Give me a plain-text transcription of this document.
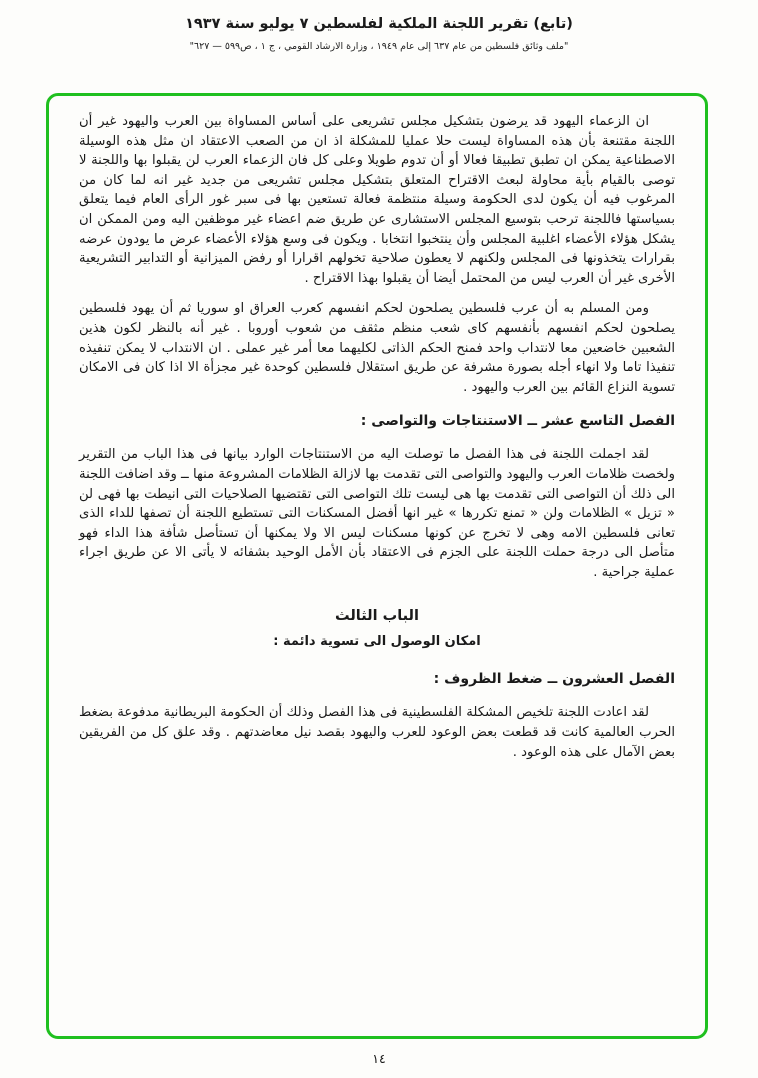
(تابع) تقرير اللجنة الملكية لفلسطين ٧ يوليو سنة ١٩٣٧
"ملف وثائق فلسطين من عام ٦٣٧ إلى عام ١٩٤٩ ، وزارة الارشاد القومي ، ج ١ ، ص٥٩٩ — ٦٢٧"

ان الزعماء اليهود قد يرضون بتشكيل مجلس تشريعى على أساس المساواة بين العرب واليهود غير أن اللجنة مقتنعة بأن هذه المساواة ليست حلا عمليا للمشكلة اذ ان من الصعب الاعتقاد ان مثل هذه الوسيلة الاصطناعية يمكن ان تطبق تطبيقا فعالا أو أن تدوم طويلا وعلى كل فان الزعماء العرب لن يقبلوا بها واللجنة لا توصى بالقيام بأية محاولة لبعث الاقتراح المتعلق بتشكيل مجلس تشريعى من جديد غير انه لما كان من المرغوب فيه أن يكون لدى الحكومة وسيلة منتظمة فعالة تستعين بها فى سبر غور الرأى العام فيما يتعلق بسياستها فاللجنة ترحب بتوسيع المجلس الاستشارى عن طريق ضم اعضاء غير موظفين اليه ومن الممكن ان يشكل هؤلاء الأعضاء اغلبية المجلس وأن ينتخبوا انتخابا . ويكون فى وسع هؤلاء الأعضاء عرض ما يودون عرضه بقرارات يتخذونها فى المجلس ولكنهم لا يعطون صلاحية تخولهم اقرارا أو رفض الميزانية أو التدابير التشريعية الأخرى غير أن العرب ليس من المحتمل أيضا أن يقبلوا بهذا الاقتراح .

ومن المسلم به أن عرب فلسطين يصلحون لحكم انفسهم كعرب العراق او سوريا ثم أن يهود فلسطين يصلحون لحكم انفسهم بأنفسهم كاى شعب منظم مثقف من شعوب أوروبا . غير أنه بالنظر لكون هذين الشعبين خاضعين معا لانتداب واحد فمنح الحكم الذاتى لكليهما معا أمر غير عملى . ان الانتداب لا يمكن تنفيذه تنفيذا تاما ولا انهاء أجله بصورة مشرفة عن طريق استقلال فلسطين كوحدة غير مجزأة الا اذا كان فى الامكان تسوية النزاع القائم بين العرب واليهود .

الفصل التاسع عشر ــ الاستنتاجات والتواصى :

لقد اجملت اللجنة فى هذا الفصل ما توصلت اليه من الاستنتاجات الوارد بيانها فى هذا الباب من التقرير ولخصت ظلامات العرب واليهود والتواصى التى تقدمت بها لازالة الظلامات المشروعة منها ــ وقد اضافت اللجنة الى ذلك أن التواصى التى تقدمت بها هى ليست تلك التواصى التى تقتضيها الصلاحيات التى انيطت بها فهى لن « تزيل » الظلامات ولن « تمنع تكررها » غير انها أفضل المسكنات التى تستطيع اللجنة أن تصفها للداء الذى تعانى فلسطين الامه وهى لا تخرج عن كونها مسكنات ليس الا ولا يمكنها أن تستأصل شأفة هذا الداء فهو متأصل الى درجة حملت اللجنة على الجزم فى الاعتقاد بأن الأمل الوحيد بشفائه لا يأتى الا عن طريق اجراء عملية جراحية .

الباب الثالث
امكان الوصول الى تسوية دائمة :
الفصل العشرون ــ ضغط الظروف :

لقد اعادت اللجنة تلخيص المشكلة الفلسطينية فى هذا الفصل وذلك أن الحكومة البريطانية مدفوعة بضغط الحرب العالمية كانت قد قطعت بعض الوعود للعرب واليهود بقصد نيل معاضدتهم . وقد علق كل من الفريقين بعض الآمال على هذه الوعود .

١٤
